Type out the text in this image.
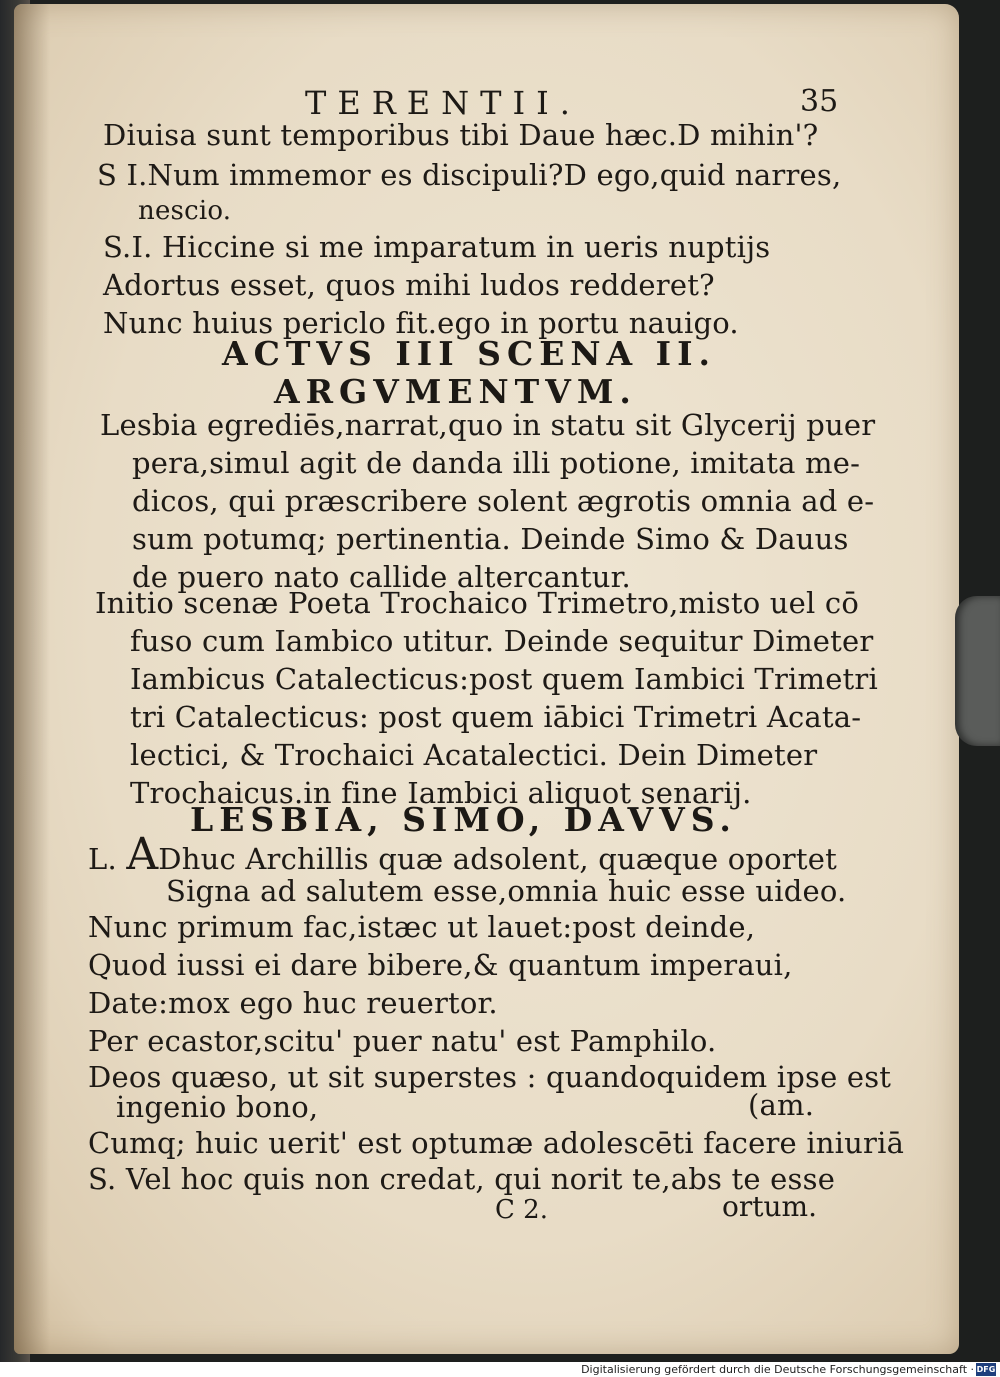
TERENTII.	35
Diuisa sunt temporibus tibi Daue hæc.D mihin'?
S I.Num immemor es discipuli?D ego,quid narres,
nescio.
S.I. Hiccine si me imparatum in ueris nuptijs
Adortus esset, quos mihi ludos redderet?
Nunc huius periclo fit.ego in portu nauigo.
ACTVS III SCENA II.
ARGVMENTVM.
Lesbia egrediēs,narrat,quo in statu sit Glycerij puer
pera,simul agit de danda illi potione, imitata me-
dicos, qui præscribere solent ægrotis omnia ad e-
sum potumq; pertinentia. Deinde Simo & Dauus
de puero nato callide altercantur.
Initio scenæ Poeta Trochaico Trimetro,misto uel cō
fuso cum Iambico utitur. Deinde sequitur Dimeter
Iambicus Catalecticus:post quem Iambici Trimetri
tri Catalecticus: post quem iābici Trimetri Acata-
lectici, & Trochaici Acatalectici. Dein Dimeter
Trochaicus.in fine Iambici aliquot senarij.
LESBIA, SIMO, DAVVS.
L. ADhuc Archillis quæ adsolent, quæque oportet
Signa ad salutem esse,omnia huic esse uideo.
Nunc primum fac,istæc ut lauet:post deinde,
Quod iussi ei dare bibere,& quantum imperaui,
Date:mox ego huc reuertor.
Per ecastor,scitu' puer natu' est Pamphilo.
Deos quæso, ut sit superstes : quandoquidem ipse est
ingenio bono,	(am.
Cumq; huic uerit' est optumæ adolescēti facere iniuriā
S. Vel hoc quis non credat, qui norit te,abs te esse
C 2.	ortum.
Digitalisierung gefördert durch die Deutsche Forschungsgemeinschaft · DFG
